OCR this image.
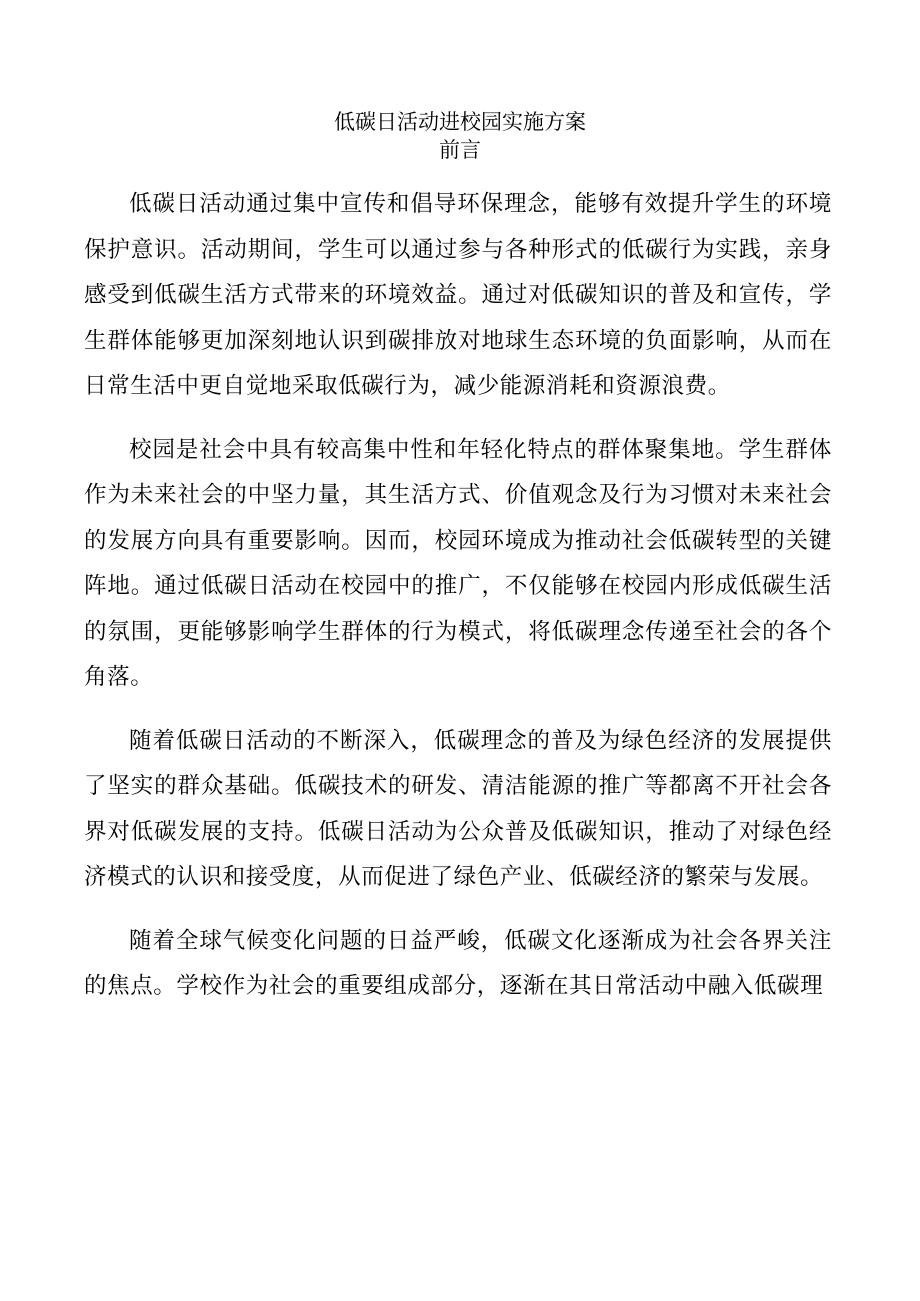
低碳日活动进校园实施方案
前言

低碳日活动通过集中宣传和倡导环保理念，能够有效提升学生的环境保护意识。活动期间，学生可以通过参与各种形式的低碳行为实践，亲身感受到低碳生活方式带来的环境效益。通过对低碳知识的普及和宣传，学生群体能够更加深刻地认识到碳排放对地球生态环境的负面影响，从而在日常生活中更自觉地采取低碳行为，减少能源消耗和资源浪费。

校园是社会中具有较高集中性和年轻化特点的群体聚集地。学生群体作为未来社会的中坚力量，其生活方式、价值观念及行为习惯对未来社会的发展方向具有重要影响。因而，校园环境成为推动社会低碳转型的关键阵地。通过低碳日活动在校园中的推广，不仅能够在校园内形成低碳生活的氛围，更能够影响学生群体的行为模式，将低碳理念传递至社会的各个角落。

随着低碳日活动的不断深入，低碳理念的普及为绿色经济的发展提供了坚实的群众基础。低碳技术的研发、清洁能源的推广等都离不开社会各界对低碳发展的支持。低碳日活动为公众普及低碳知识，推动了对绿色经济模式的认识和接受度，从而促进了绿色产业、低碳经济的繁荣与发展。

随着全球气候变化问题的日益严峻，低碳文化逐渐成为社会各界关注的焦点。学校作为社会的重要组成部分，逐渐在其日常活动中融入低碳理
